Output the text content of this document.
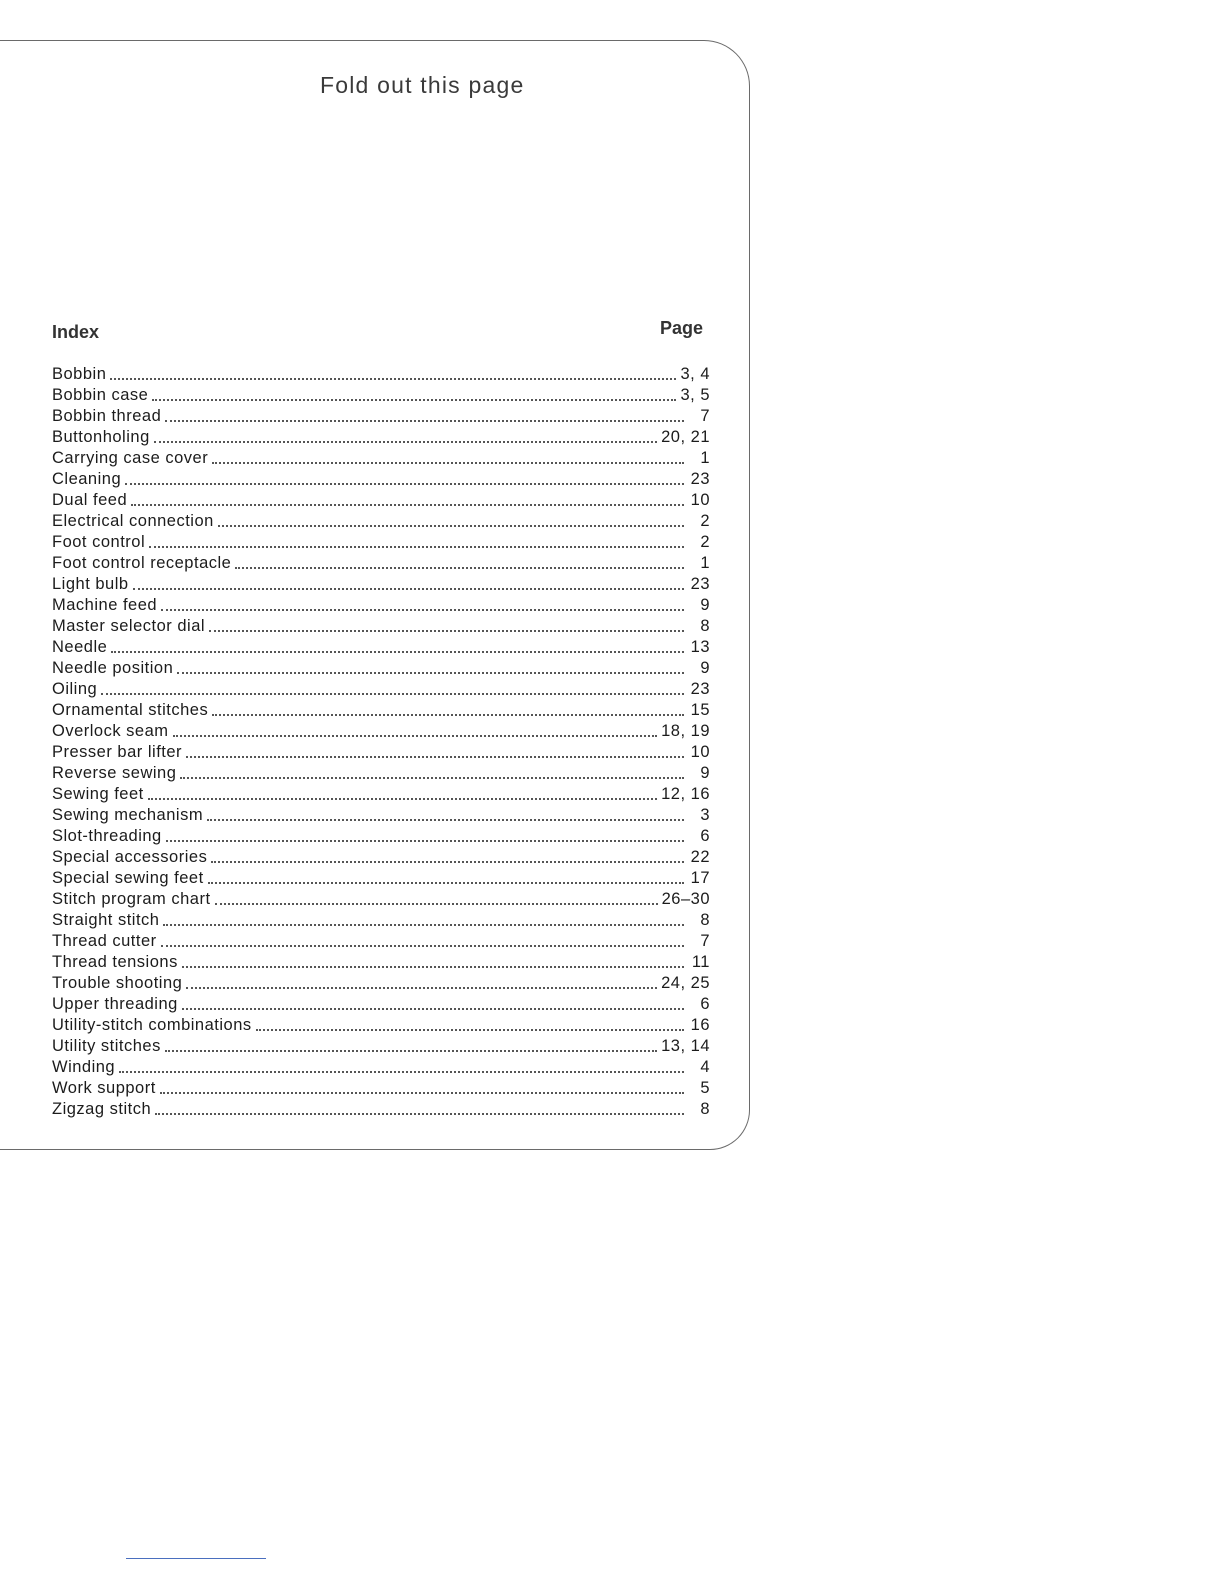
Fold out this page
Index	Page
Bobbin	3, 4
Bobbin case	3, 5
Bobbin thread	7
Buttonholing	20, 21
Carrying case cover	1
Cleaning	23
Dual feed	10
Electrical connection	2
Foot control	2
Foot control receptacle	1
Light bulb	23
Machine feed	9
Master selector dial	8
Needle	13
Needle position	9
Oiling	23
Ornamental stitches	15
Overlock seam	18, 19
Presser bar lifter	10
Reverse sewing	9
Sewing feet	12, 16
Sewing mechanism	3
Slot-threading	6
Special accessories	22
Special sewing feet	17
Stitch program chart	26–30
Straight stitch	8
Thread cutter	7
Thread tensions	11
Trouble shooting	24, 25
Upper threading	6
Utility-stitch combinations	16
Utility stitches	13, 14
Winding	4
Work support	5
Zigzag stitch	8
